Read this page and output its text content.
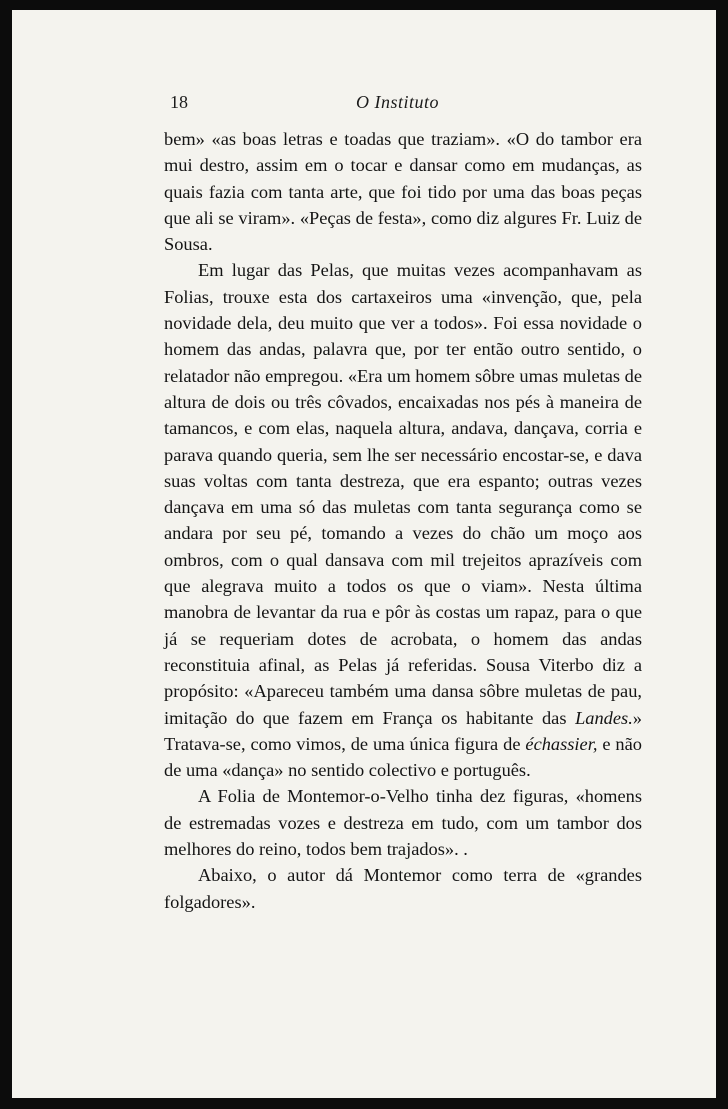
18	O Instituto

bem» «as boas letras e toadas que traziam». «O do tambor era mui destro, assim em o tocar e dansar como em mudanças, as quais fazia com tanta arte, que foi tido por uma das boas peças que ali se viram». «Peças de festa», como diz algures Fr. Luiz de Sousa.

Em lugar das Pelas, que muitas vezes acompanhavam as Folias, trouxe esta dos cartaxeiros uma «invenção, que, pela novidade dela, deu muito que ver a todos». Foi essa novidade o homem das andas, palavra que, por ter então outro sentido, o relatador não empregou. «Era um homem sôbre umas muletas de altura de dois ou três côvados, encaixadas nos pés à maneira de tamancos, e com elas, naquela altura, andava, dançava, corria e parava quando queria, sem lhe ser necessário encostar-se, e dava suas voltas com tanta destreza, que era espanto; outras vezes dançava em uma só das muletas com tanta segurança como se andara por seu pé, tomando a vezes do chão um moço aos ombros, com o qual dansava com mil trejeitos aprazíveis com que alegrava muito a todos os que o viam». Nesta última manobra de levantar da rua e pôr às costas um rapaz, para o que já se requeriam dotes de acrobata, o homem das andas reconstituia afinal, as Pelas já referidas. Sousa Viterbo diz a propósito: «Apareceu também uma dansa sôbre muletas de pau, imitação do que fazem em França os habitante das Landes.» Tratava-se, como vimos, de uma única figura de échassier, e não de uma «dança» no sentido colectivo e português.

A Folia de Montemor-o-Velho tinha dez figuras, «homens de estremadas vozes e destreza em tudo, com um tambor dos melhores do reino, todos bem trajados». .

Abaixo, o autor dá Montemor como terra de «grandes folgadores».
